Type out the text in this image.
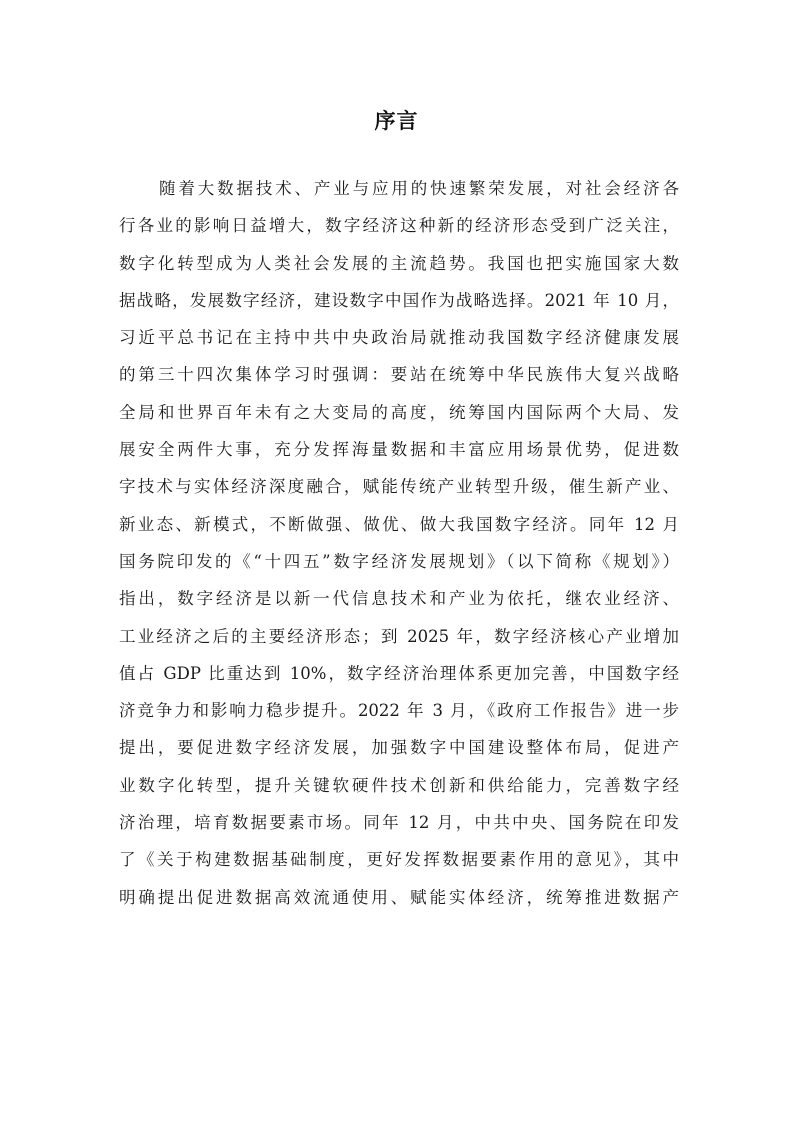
序言
随着大数据技术、产业与应用的快速繁荣发展，对社会经济各
行各业的影响日益增大，数字经济这种新的经济形态受到广泛关注，
数字化转型成为人类社会发展的主流趋势。我国也把实施国家大数
据战略，发展数字经济，建设数字中国作为战略选择。2021 年 10 月，
习近平总书记在主持中共中央政治局就推动我国数字经济健康发展
的第三十四次集体学习时强调：要站在统筹中华民族伟大复兴战略
全局和世界百年未有之大变局的高度，统筹国内国际两个大局、发
展安全两件大事，充分发挥海量数据和丰富应用场景优势，促进数
字技术与实体经济深度融合，赋能传统产业转型升级，催生新产业、
新业态、新模式，不断做强、做优、做大我国数字经济。同年 12 月
国务院印发的《“十四五”数字经济发展规划》（以下简称《规划》）
指出，数字经济是以新一代信息技术和产业为依托，继农业经济、
工业经济之后的主要经济形态；到 2025 年，数字经济核心产业增加
值占 GDP 比重达到 10%，数字经济治理体系更加完善，中国数字经
济竞争力和影响力稳步提升。2022 年 3 月，《政府工作报告》进一步
提出，要促进数字经济发展，加强数字中国建设整体布局，促进产
业数字化转型，提升关键软硬件技术创新和供给能力，完善数字经
济治理，培育数据要素市场。同年 12 月，中共中央、国务院在印发
了《关于构建数据基础制度，更好发挥数据要素作用的意见》，其中
明确提出促进数据高效流通使用、赋能实体经济，统筹推进数据产
